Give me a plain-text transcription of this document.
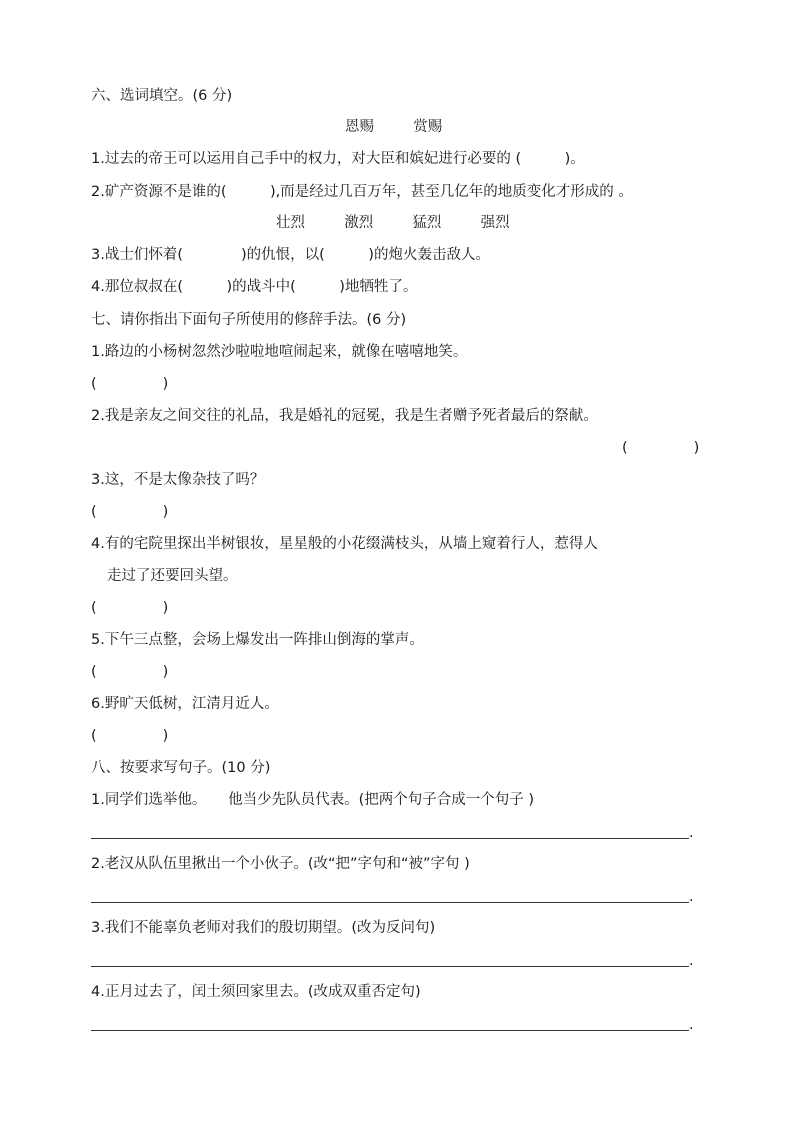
六、选词填空。(6 分)
恩赐	赏赐
1.过去的帝王可以运用自己手中的权力，对大臣和嫔妃进行必要的 (　　　)。
2.矿产资源不是谁的(　　　),而是经过几百万年，甚至几亿年的地质变化才形成的 。
壮烈	激烈	猛烈	强烈
3.战士们怀着(　　　　)的仇恨，以(　　　)的炮火轰击敌人。
4.那位叔叔在(　　　)的战斗中(　　　)地牺牲了。
七、请你指出下面句子所使用的修辞手法。(6 分)
1.路边的小杨树忽然沙啦啦地喧闹起来，就像在嘻嘻地笑。
(	)
2.我是亲友之间交往的礼品，我是婚礼的冠冕，我是生者赠予死者最后的祭献。
(	)
3.这，不是太像杂技了吗？
(	)
4.有的宅院里探出半树银妆，星星般的小花缀满枝头，从墙上窥着行人，惹得人
走过了还要回头望。
(	)
5.下午三点整，会场上爆发出一阵排山倒海的掌声。
(	)
6.野旷天低树，江清月近人。
(	)
八、按要求写句子。(10 分)
1.同学们选举他。　　他当少先队员代表。(把两个句子合成一个句子 )
.
2.老汉从队伍里揪出一个小伙子。(改“把”字句和“被”字句 )
.
3.我们不能辜负老师对我们的殷切期望。(改为反问句)
.
4.正月过去了，闰土须回家里去。(改成双重否定句)
.
